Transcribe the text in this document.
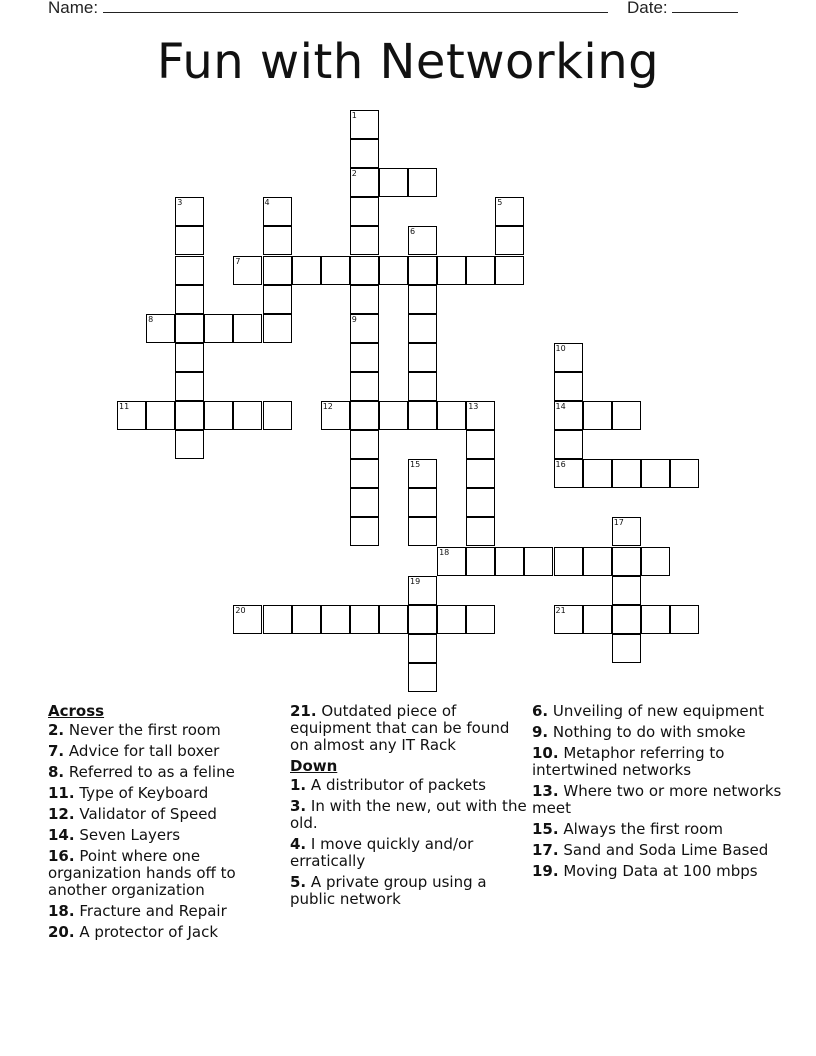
Name:	Date:
Fun with Networking
1
2
9
3	4	5
6
7
8
10
14
16
11	12	13
15
17
18
19
20	21
Across
2. Never the first room
7. Advice for tall boxer
8. Referred to as a feline
11. Type of Keyboard
12. Validator of Speed
14. Seven Layers
16. Point where one organization hands off to another organization
18. Fracture and Repair
20. A protector of Jack
21. Outdated piece of equipment that can be found on almost any IT Rack
Down
1. A distributor of packets
3. In with the new, out with the old.
4. I move quickly and/or erratically
5. A private group using a public network
6. Unveiling of new equipment
9. Nothing to do with smoke
10. Metaphor referring to intertwined networks
13. Where two or more networks meet
15. Always the first room
17. Sand and Soda Lime Based
19. Moving Data at 100 mbps
